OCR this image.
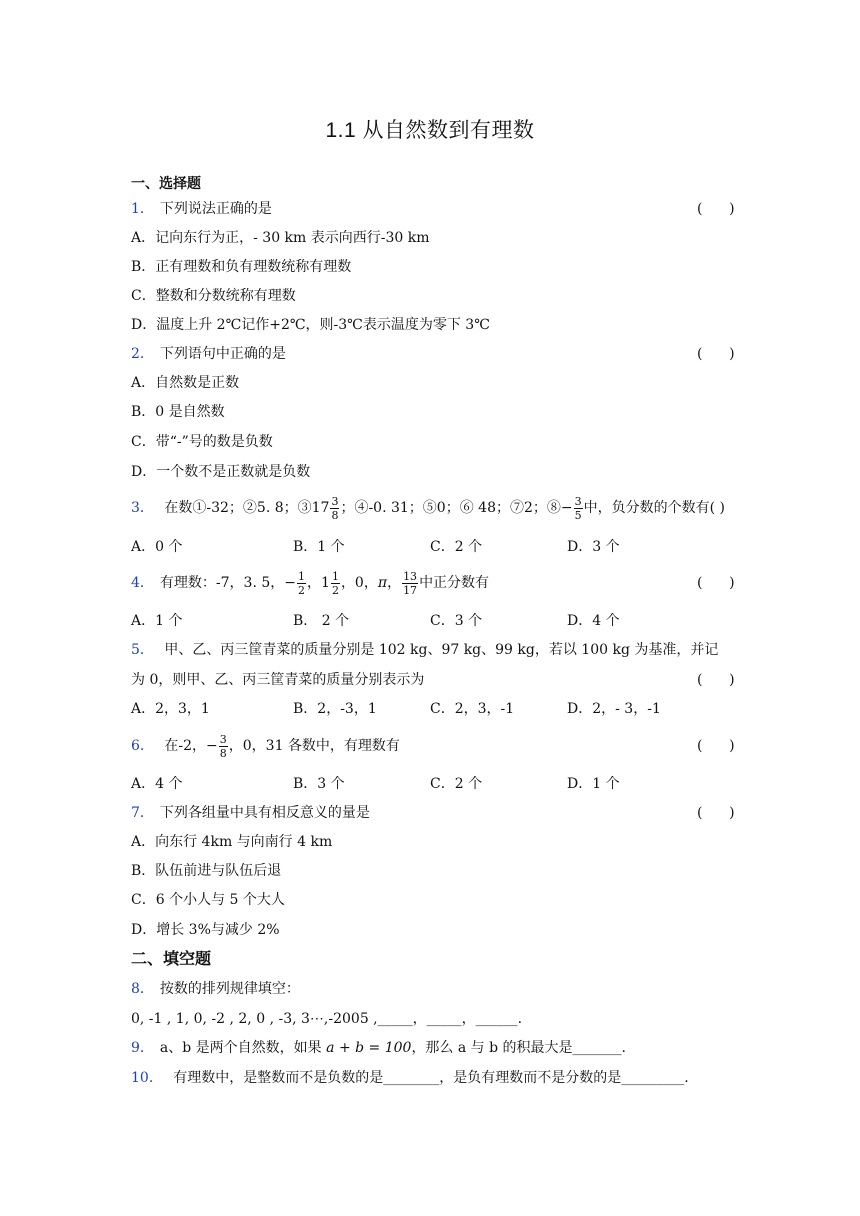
1.1 从自然数到有理数
一、选择题
1． 下列说法正确的是	(      )
A．记向东行为正，- 30 km 表示向西行-30 km
B．正有理数和负有理数统称有理数
C．整数和分数统称有理数
D．温度上升 2℃记作+2℃，则-3℃表示温度为零下 3℃
2． 下列语句中正确的是	(      )
A．自然数是正数
B．0 是自然数
C．带“-”号的数是负数
D．一个数不是正数就是负数
3． 在数①-32；②5. 8；③17 $\frac{3}{8}$ ；④-0. 31；⑤0；⑥ 48；⑦2；⑧− $\frac{3}{5}$ 中，负分数的个数有( )
A．0 个	B．1 个	C．2 个	D．3 个
4． 有理数：-7，3. 5，− $\frac{1}{2}$ ，$1 \frac{1}{2}$ ，0，π， $\frac{13}{17}$ 中正分数有	(      )
A．1 个	B． 2 个	C．3 个	D．4 个
5． 甲、乙、丙三筐青菜的质量分别是 102 kg、97 kg、99 kg，若以 100 kg 为基准，并记
为 0，则甲、乙、丙三筐青菜的质量分别表示为	(      )
A．2，3，1	B．2，-3，1	C．2，3，-1	D．2，- 3，-1
6． 在-2，− $\frac{3}{8}$ ，0，31 各数中，有理数有	(      )
A．4 个	B．3 个	C．2 个	D．1 个
7． 下列各组量中具有相反意义的量是	(      )
A．向东行 4km 与向南行 4 km
B．队伍前进与队伍后退
C．6 个小人与 5 个大人
D．增长 3%与减少 2%
二、填空题
8． 按数的排列规律填空：
0, -1 , 1, 0, -2 , 2, 0 , -3, 3⋯,-2005 ,_____，_____，______.
9． a、b 是两个自然数，如果 a + b = 100，那么 a 与 b 的积最大是_______.
10． 有理数中，是整数而不是负数的是________，是负有理数而不是分数的是_________.
